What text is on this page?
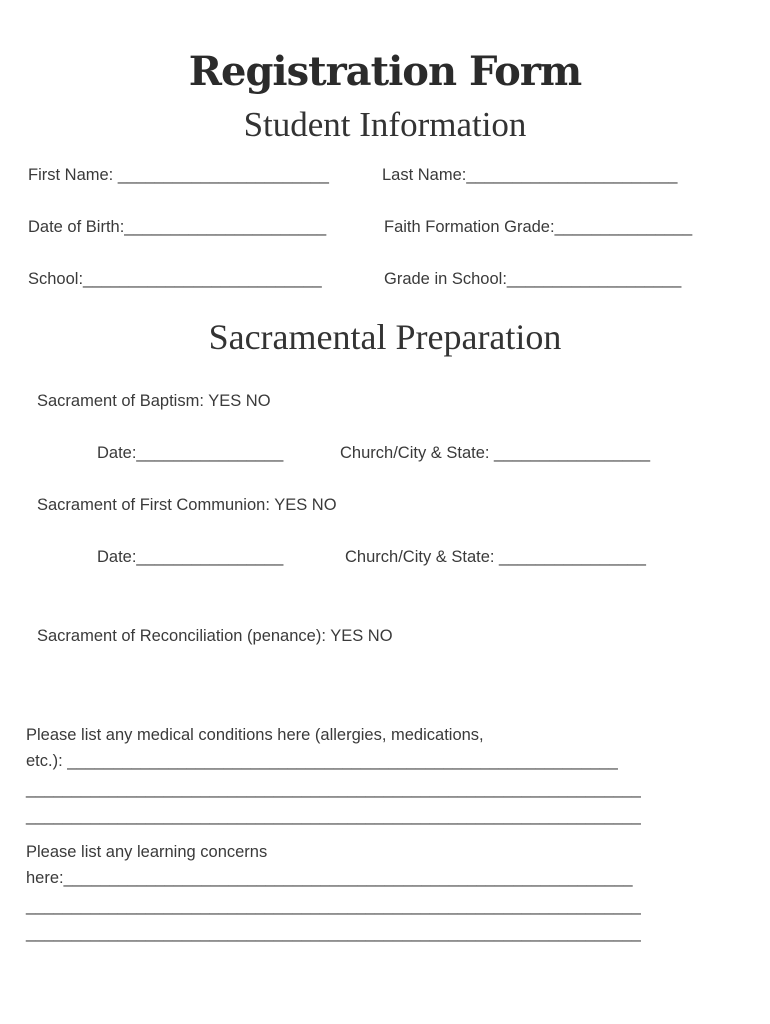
Registration Form
Student Information
First Name: _______________________	Last Name:_______________________
Date of Birth:______________________	Faith Formation Grade:_______________
School:__________________________	Grade in School:___________________
Sacramental Preparation
Sacrament of Baptism: YES NO
Date:________________	Church/City & State: _________________
Sacrament of First Communion: YES NO
Date:________________	Church/City & State: ________________
Sacrament of Reconciliation (penance): YES NO
Please list any medical conditions here (allergies, medications,
etc.): ____________________________________________________________
___________________________________________________________________
___________________________________________________________________
Please list any learning concerns
here:______________________________________________________________
___________________________________________________________________
___________________________________________________________________
